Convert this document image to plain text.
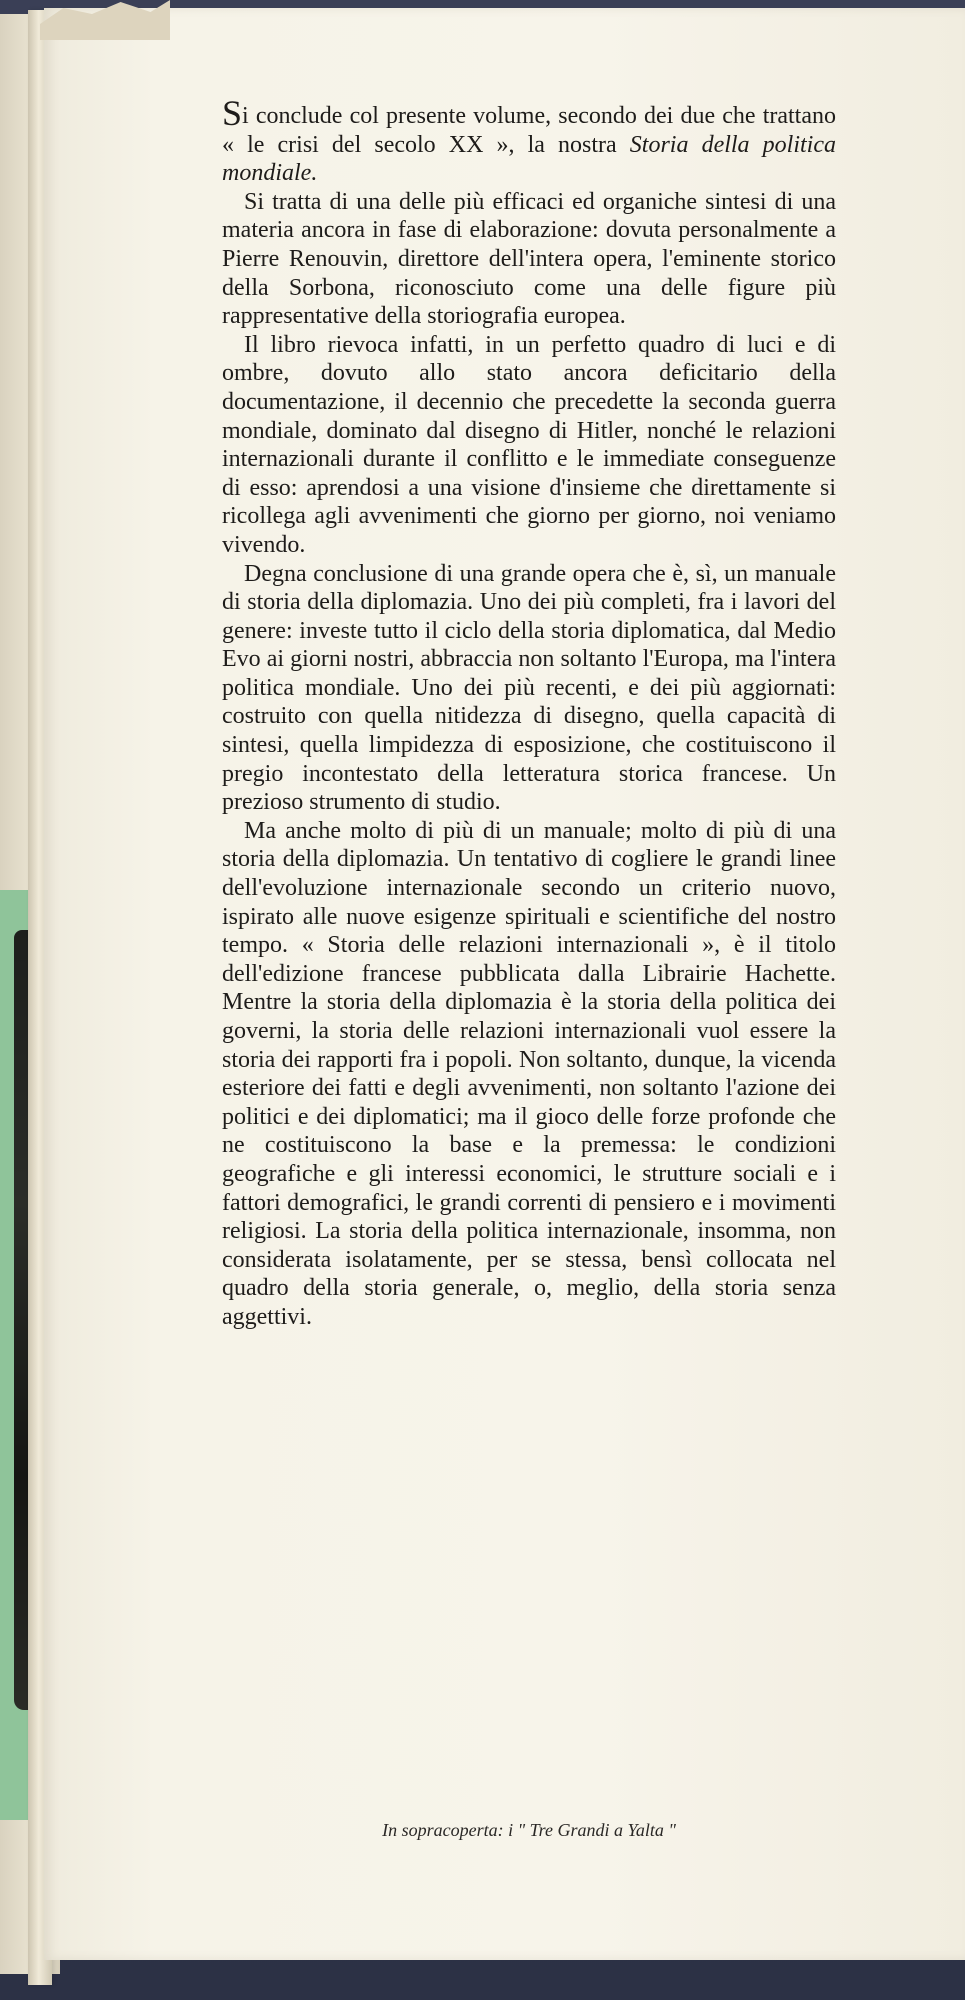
Si conclude col presente volume, secondo dei due che trattano « le crisi del secolo XX », la nostra Storia della politica mondiale.

Si tratta di una delle più efficaci ed organiche sintesi di una materia ancora in fase di elaborazione: dovuta personalmente a Pierre Renouvin, direttore dell'intera opera, l'eminente storico della Sorbona, riconosciuto come una delle figure più rappresentative della storiografia europea.

Il libro rievoca infatti, in un perfetto quadro di luci e di ombre, dovuto allo stato ancora deficitario della documentazione, il decennio che precedette la seconda guerra mondiale, dominato dal disegno di Hitler, nonché le relazioni internazionali durante il conflitto e le immediate conseguenze di esso: aprendosi a una visione d'insieme che direttamente si ricollega agli avvenimenti che giorno per giorno, noi veniamo vivendo.

Degna conclusione di una grande opera che è, sì, un manuale di storia della diplomazia. Uno dei più completi, fra i lavori del genere: investe tutto il ciclo della storia diplomatica, dal Medio Evo ai giorni nostri, abbraccia non soltanto l'Europa, ma l'intera politica mondiale. Uno dei più recenti, e dei più aggiornati: costruito con quella nitidezza di disegno, quella capacità di sintesi, quella limpidezza di esposizione, che costituiscono il pregio incontestato della letteratura storica francese. Un prezioso strumento di studio.

Ma anche molto di più di un manuale; molto di più di una storia della diplomazia. Un tentativo di cogliere le grandi linee dell'evoluzione internazionale secondo un criterio nuovo, ispirato alle nuove esigenze spirituali e scientifiche del nostro tempo. « Storia delle relazioni internazionali », è il titolo dell'edizione francese pubblicata dalla Librairie Hachette. Mentre la storia della diplomazia è la storia della politica dei governi, la storia delle relazioni internazionali vuol essere la storia dei rapporti fra i popoli. Non soltanto, dunque, la vicenda esteriore dei fatti e degli avvenimenti, non soltanto l'azione dei politici e dei diplomatici; ma il gioco delle forze profonde che ne costituiscono la base e la premessa: le condizioni geografiche e gli interessi economici, le strutture sociali e i fattori demografici, le grandi correnti di pensiero e i movimenti religiosi. La storia della politica internazionale, insomma, non considerata isolatamente, per se stessa, bensì collocata nel quadro della storia generale, o, meglio, della storia senza aggettivi.

In sopracoperta: i " Tre Grandi a Yalta "
